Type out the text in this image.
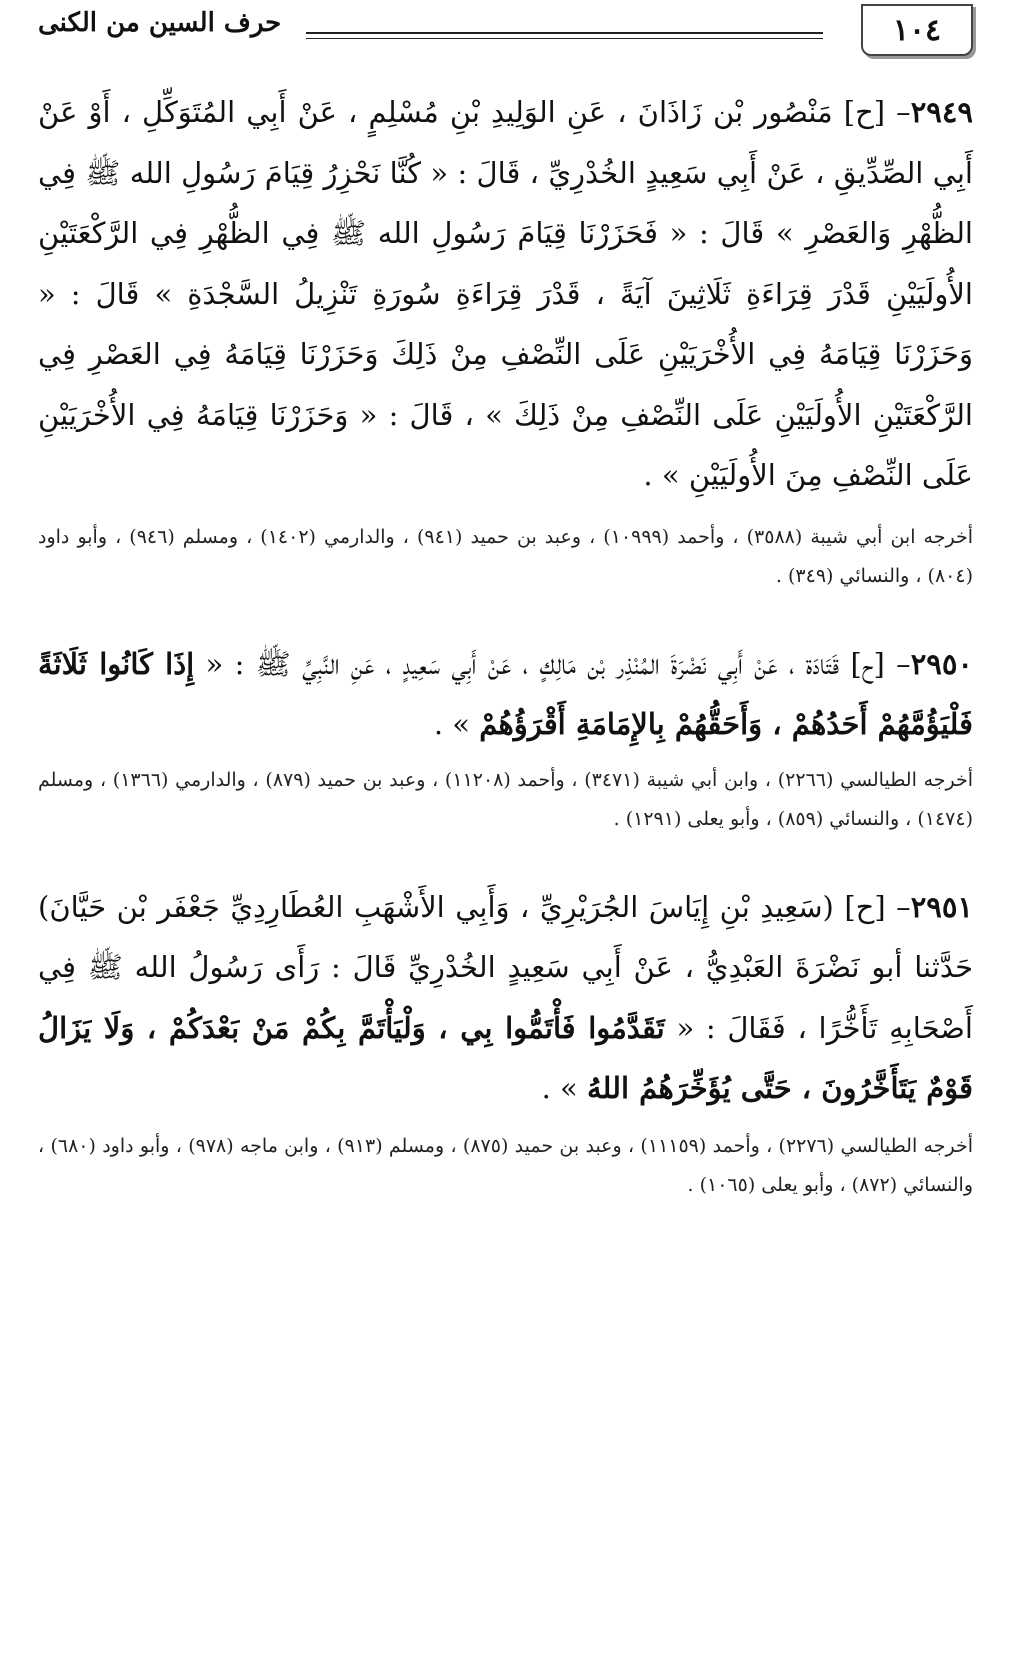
١٠٤
حرف السين من الكنى

٢٩٤٩– [ح] مَنْصُور بْن زَاذَانَ ، عَنِ الوَلِيدِ بْنِ مُسْلِمٍ ، عَنْ أَبِي المُتَوَكِّلِ ، أَوْ عَنْ أَبِي الصِّدِّيقِ ، عَنْ أَبِي سَعِيدٍ الخُدْرِيِّ ، قَالَ : « كُنَّا نَحْزِرُ قِيَامَ رَسُولِ الله ﷺ فِي الظُّهْرِ وَالعَصْرِ » قَالَ : « فَحَزَرْنَا قِيَامَ رَسُولِ الله ﷺ فِي الظُّهْرِ فِي الرَّكْعَتَيْنِ الأُولَيَيْنِ قَدْرَ قِرَاءَةِ ثَلَاثِينَ آيَةً ، قَدْرَ قِرَاءَةِ سُورَةِ تَنْزِيلُ السَّجْدَةِ » قَالَ : « وَحَزَرْنَا قِيَامَهُ فِي الأُخْرَيَيْنِ عَلَى النِّصْفِ مِنْ ذَلِكَ وَحَزَرْنَا قِيَامَهُ فِي العَصْرِ فِي الرَّكْعَتَيْنِ الأُولَيَيْنِ عَلَى النِّصْفِ مِنْ ذَلِكَ » ، قَالَ : « وَحَزَرْنَا قِيَامَهُ فِي الأُخْرَيَيْنِ عَلَى النِّصْفِ مِنَ الأُولَيَيْنِ » .

أخرجه ابن أبي شيبة (٣٥٨٨) ، وأحمد (١٠٩٩٩) ، وعبد بن حميد (٩٤١) ، والدارمي (١٤٠٢) ، ومسلم (٩٤٦) ، وأبو داود (٨٠٤) ، والنسائي (٣٤٩) .

٢٩٥٠– [ح] قَتَادَة ، عَنْ أَبِي نَضْرَةَ المُنْذِر بْن مَالِكٍ ، عَنْ أَبِي سَعِيدٍ ، عَنِ النَّبِيِّ ﷺ : « إِذَا كَانُوا ثَلَاثَةً فَلْيَؤُمَّهُمْ أَحَدُهُمْ ، وَأَحَقُّهُمْ بِالإِمَامَةِ أَقْرَؤُهُمْ » .

أخرجه الطيالسي (٢٢٦٦) ، وابن أبي شيبة (٣٤٧١) ، وأحمد (١١٢٠٨) ، وعبد بن حميد (٨٧٩) ، والدارمي (١٣٦٦) ، ومسلم (١٤٧٤) ، والنسائي (٨٥٩) ، وأبو يعلى (١٢٩١) .

٢٩٥١– [ح] (سَعِيدِ بْنِ إِيَاسَ الجُرَيْرِيِّ ، وَأَبِي الأَشْهَبِ العُطَارِدِيِّ جَعْفَر بْن حَيَّانَ) حَدَّثنا أبو نَضْرَةَ العَبْدِيُّ ، عَنْ أَبِي سَعِيدٍ الخُدْرِيِّ قَالَ : رَأَى رَسُولُ الله ﷺ فِي أَصْحَابِهِ تَأَخُّرًا ، فَقَالَ : « تَقَدَّمُوا فَأْتَمُّوا بِي ، وَلْيَأْتَمَّ بِكُمْ مَنْ بَعْدَكُمْ ، وَلَا يَزَالُ قَوْمٌ يَتَأَخَّرُونَ ، حَتَّى يُؤَخِّرَهُمُ اللهُ » .

أخرجه الطيالسي (٢٢٧٦) ، وأحمد (١١١٥٩) ، وعبد بن حميد (٨٧٥) ، ومسلم (٩١٣) ، وابن ماجه (٩٧٨) ، وأبو داود (٦٨٠) ، والنسائي (٨٧٢) ، وأبو يعلى (١٠٦٥) .
